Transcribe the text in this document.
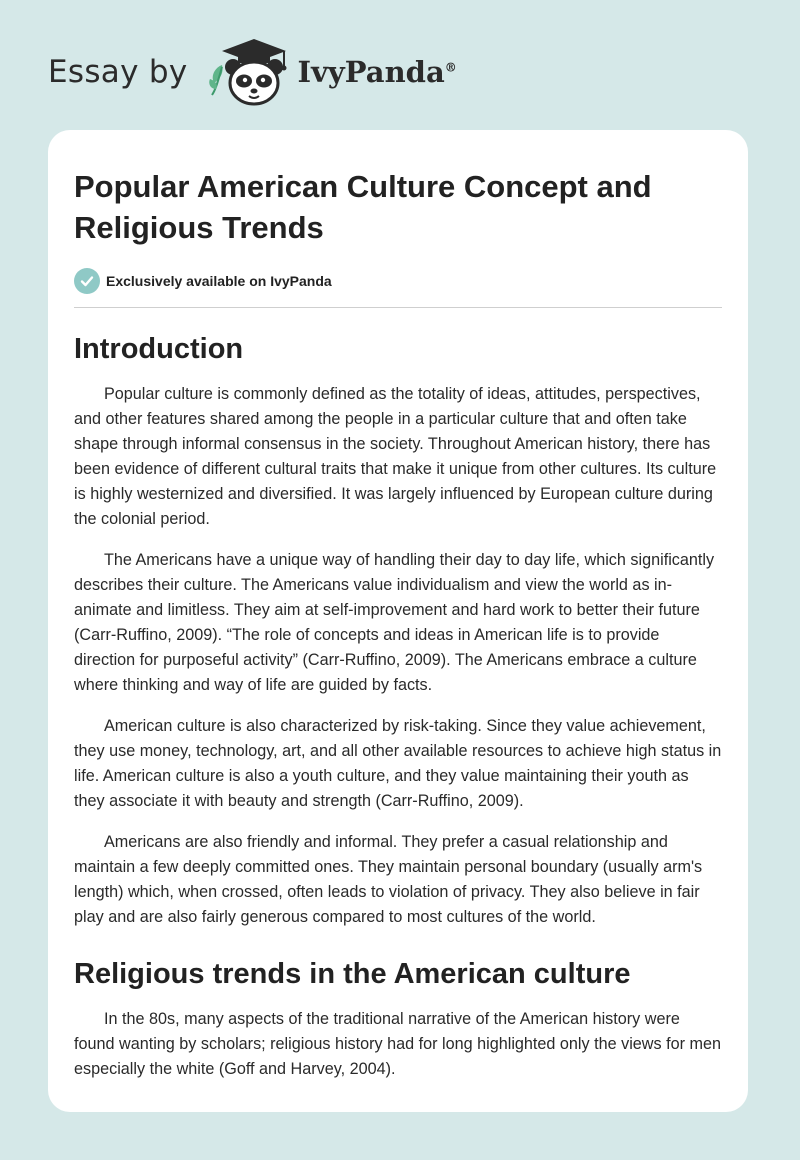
Essay by	IvyPanda®
Popular American Culture Concept and Religious Trends
Exclusively available on IvyPanda
Introduction

Popular culture is commonly defined as the totality of ideas, attitudes, perspectives, and other features shared among the people in a particular culture that and often take shape through informal consensus in the society. Throughout American history, there has been evidence of different cultural traits that make it unique from other cultures. Its culture is highly westernized and diversified. It was largely influenced by European culture during the colonial period.

The Americans have a unique way of handling their day to day life, which significantly describes their culture. The Americans value individualism and view the world as in-animate and limitless. They aim at self-improvement and hard work to better their future (Carr-Ruffino, 2009). “The role of concepts and ideas in American life is to provide direction for purposeful activity” (Carr-Ruffino, 2009). The Americans embrace a culture where thinking and way of life are guided by facts.

American culture is also characterized by risk-taking. Since they value achievement, they use money, technology, art, and all other available resources to achieve high status in life. American culture is also a youth culture, and they value maintaining their youth as they associate it with beauty and strength (Carr-Ruffino, 2009).

Americans are also friendly and informal. They prefer a casual relationship and maintain a few deeply committed ones. They maintain personal boundary (usually arm's length) which, when crossed, often leads to violation of privacy. They also believe in fair play and are also fairly generous compared to most cultures of the world.

Religious trends in the American culture

In the 80s, many aspects of the traditional narrative of the American history were found wanting by scholars; religious history had for long highlighted only the views for men especially the white (Goff and Harvey, 2004).
